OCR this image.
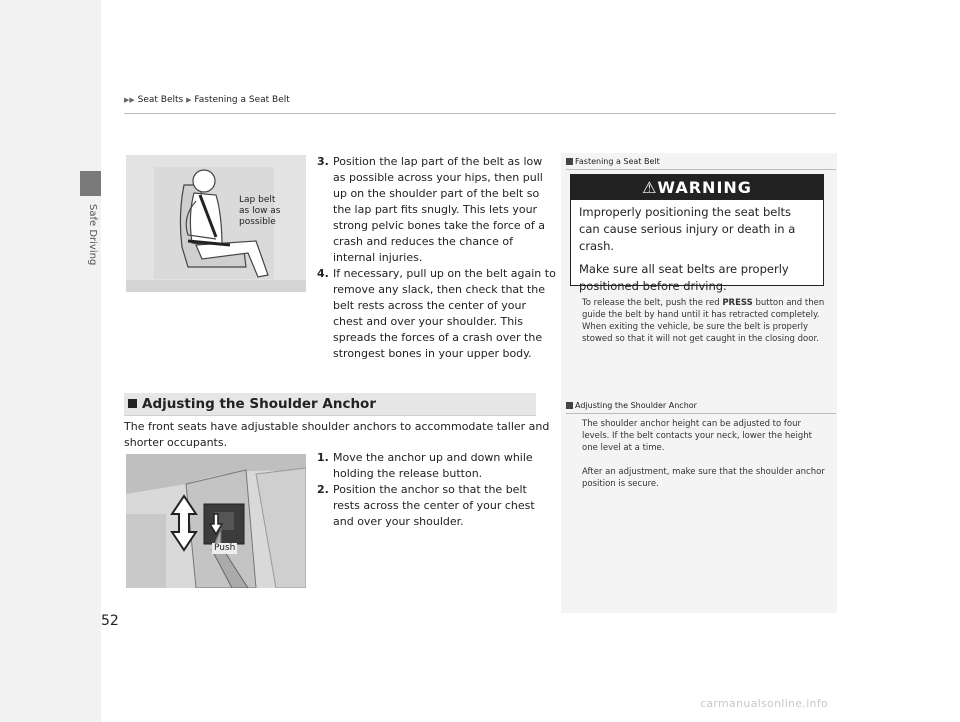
Safe Driving
52
▶▶ Seat Belts ▶ Fastening a Seat Belt
Lap belt
as low as
possible

3. Position the lap part of the belt as low as possible across your hips, then pull up on the shoulder part of the belt so the lap part fits snugly. This lets your strong pelvic bones take the force of a crash and reduces the chance of internal injuries.

4. If necessary, pull up on the belt again to remove any slack, then check that the belt rests across the center of your chest and over your shoulder. This spreads the forces of a crash over the strongest bones in your upper body.

Fastening a Seat Belt
⚠WARNING
Improperly positioning the seat belts can cause serious injury or death in a crash.
Make sure all seat belts are properly positioned before driving.
To release the belt, push the red PRESS button and then guide the belt by hand until it has retracted completely.
When exiting the vehicle, be sure the belt is properly stowed so that it will not get caught in the closing door.
Adjusting the Shoulder Anchor	Adjusting the Shoulder Anchor
The shoulder anchor height can be adjusted to four levels. If the belt contacts your neck, lower the height one level at a time.
After an adjustment, make sure that the shoulder anchor position is secure.
The front seats have adjustable shoulder anchors to accommodate taller and shorter occupants.
Push

1. Move the anchor up and down while holding the release button.

2. Position the anchor so that the belt rests across the center of your chest and over your shoulder.

carmanualsonline.info
